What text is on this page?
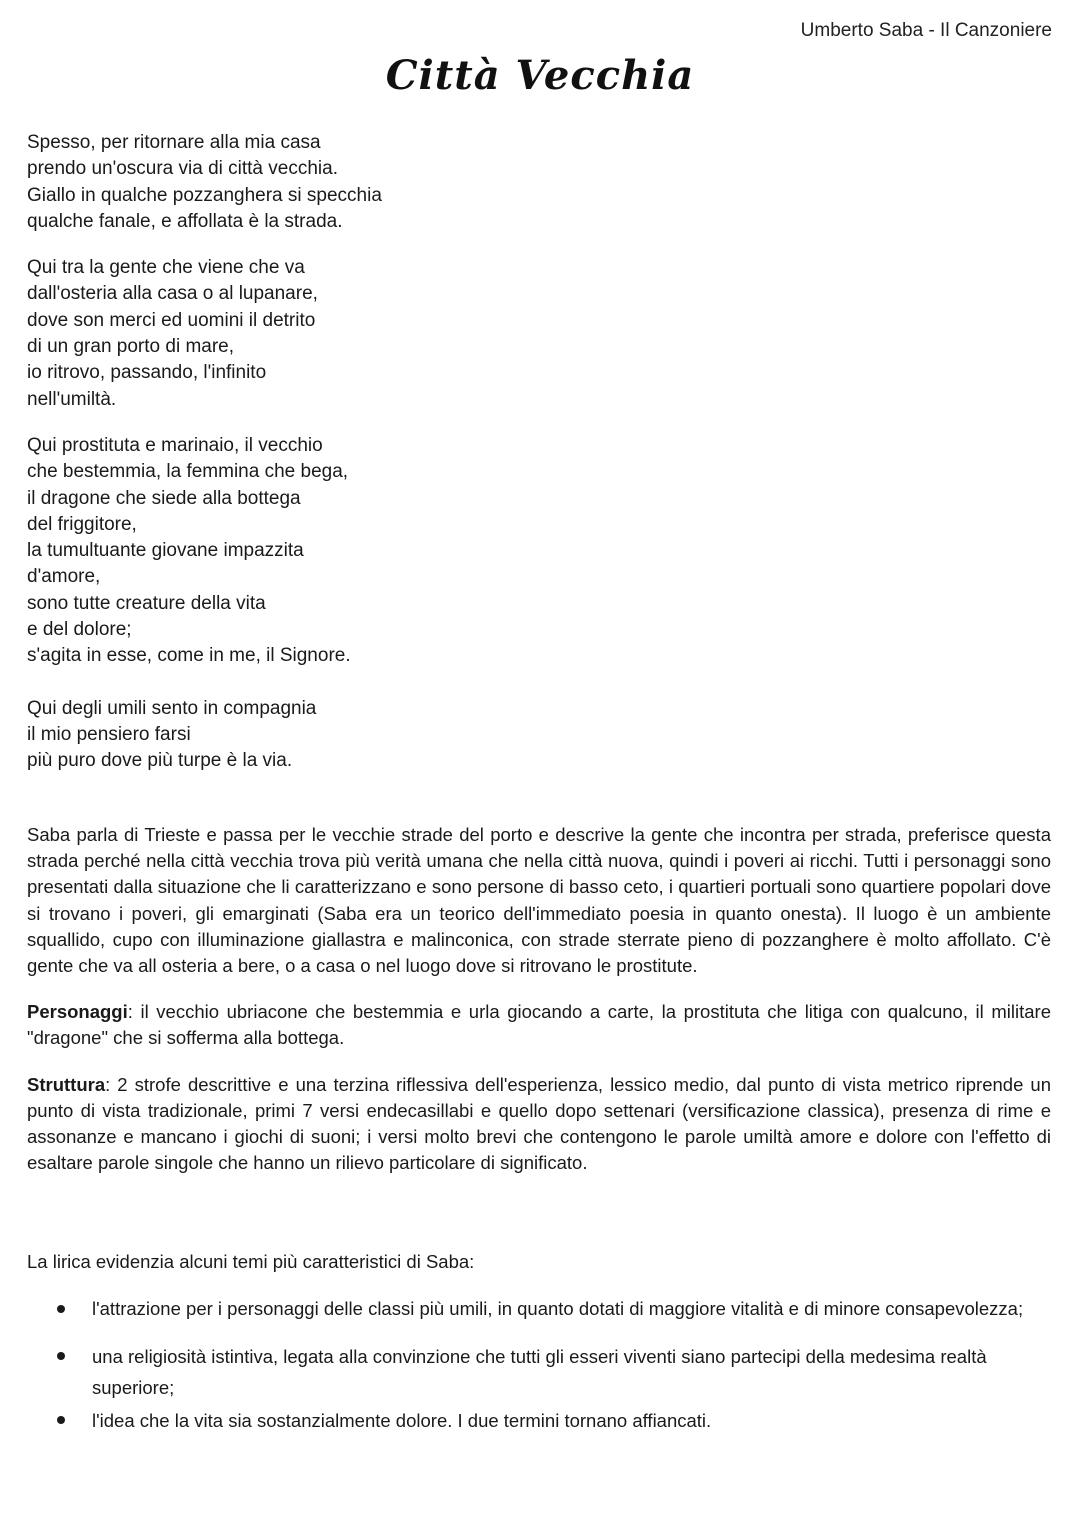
Umberto Saba - Il Canzoniere
Città Vecchia
Spesso, per ritornare alla mia casa
prendo un'oscura via di città vecchia.
Giallo in qualche pozzanghera si specchia
qualche fanale, e affollata è la strada.
Qui tra la gente che viene che va
dall'osteria alla casa o al lupanare,
dove son merci ed uomini il detrito
di un gran porto di mare,
io ritrovo, passando, l'infinito
nell'umiltà.
Qui prostituta e marinaio, il vecchio
che bestemmia, la femmina che bega,
il dragone che siede alla bottega
del friggitore,
la tumultuante giovane impazzita
d'amore,
sono tutte creature della vita
e del dolore;
s'agita in esse, come in me, il Signore.
Qui degli umili sento in compagnia
il mio pensiero farsi
più puro dove più turpe è la via.

Saba parla di Trieste e passa per le vecchie strade del porto e descrive la gente che incontra per strada, preferisce questa strada perché nella città vecchia trova più verità umana che nella città nuova, quindi i poveri ai ricchi. Tutti i personaggi sono presentati dalla situazione che li caratterizzano e sono persone di basso ceto, i quartieri portuali sono quartiere popolari dove si trovano i poveri, gli emarginati (Saba era un teorico dell'immediato poesia in quanto onesta). Il luogo è un ambiente squallido, cupo con illuminazione giallastra e malinconica, con strade sterrate pieno di pozzanghere è molto affollato. C'è gente che va all osteria a bere, o a casa o nel luogo dove si ritrovano le prostitute.

Personaggi: il vecchio ubriacone che bestemmia e urla giocando a carte, la prostituta che litiga con qualcuno, il militare "dragone" che si sofferma alla bottega.

Struttura: 2 strofe descrittive e una terzina riflessiva dell'esperienza, lessico medio, dal punto di vista metrico riprende un punto di vista tradizionale, primi 7 versi endecasillabi e quello dopo settenari (versificazione classica), presenza di rime e assonanze e mancano i giochi di suoni; i versi molto brevi che contengono le parole umiltà amore e dolore con l'effetto di esaltare parole singole che hanno un rilievo particolare di significato.

La lirica evidenzia alcuni temi più caratteristici di Saba:
l'attrazione per i personaggi delle classi più umili, in quanto dotati di maggiore vitalità e di minore consapevolezza;
una religiosità istintiva, legata alla convinzione che tutti gli esseri viventi siano partecipi della medesima realtà superiore;
l'idea che la vita sia sostanzialmente dolore. I due termini tornano affiancati.
